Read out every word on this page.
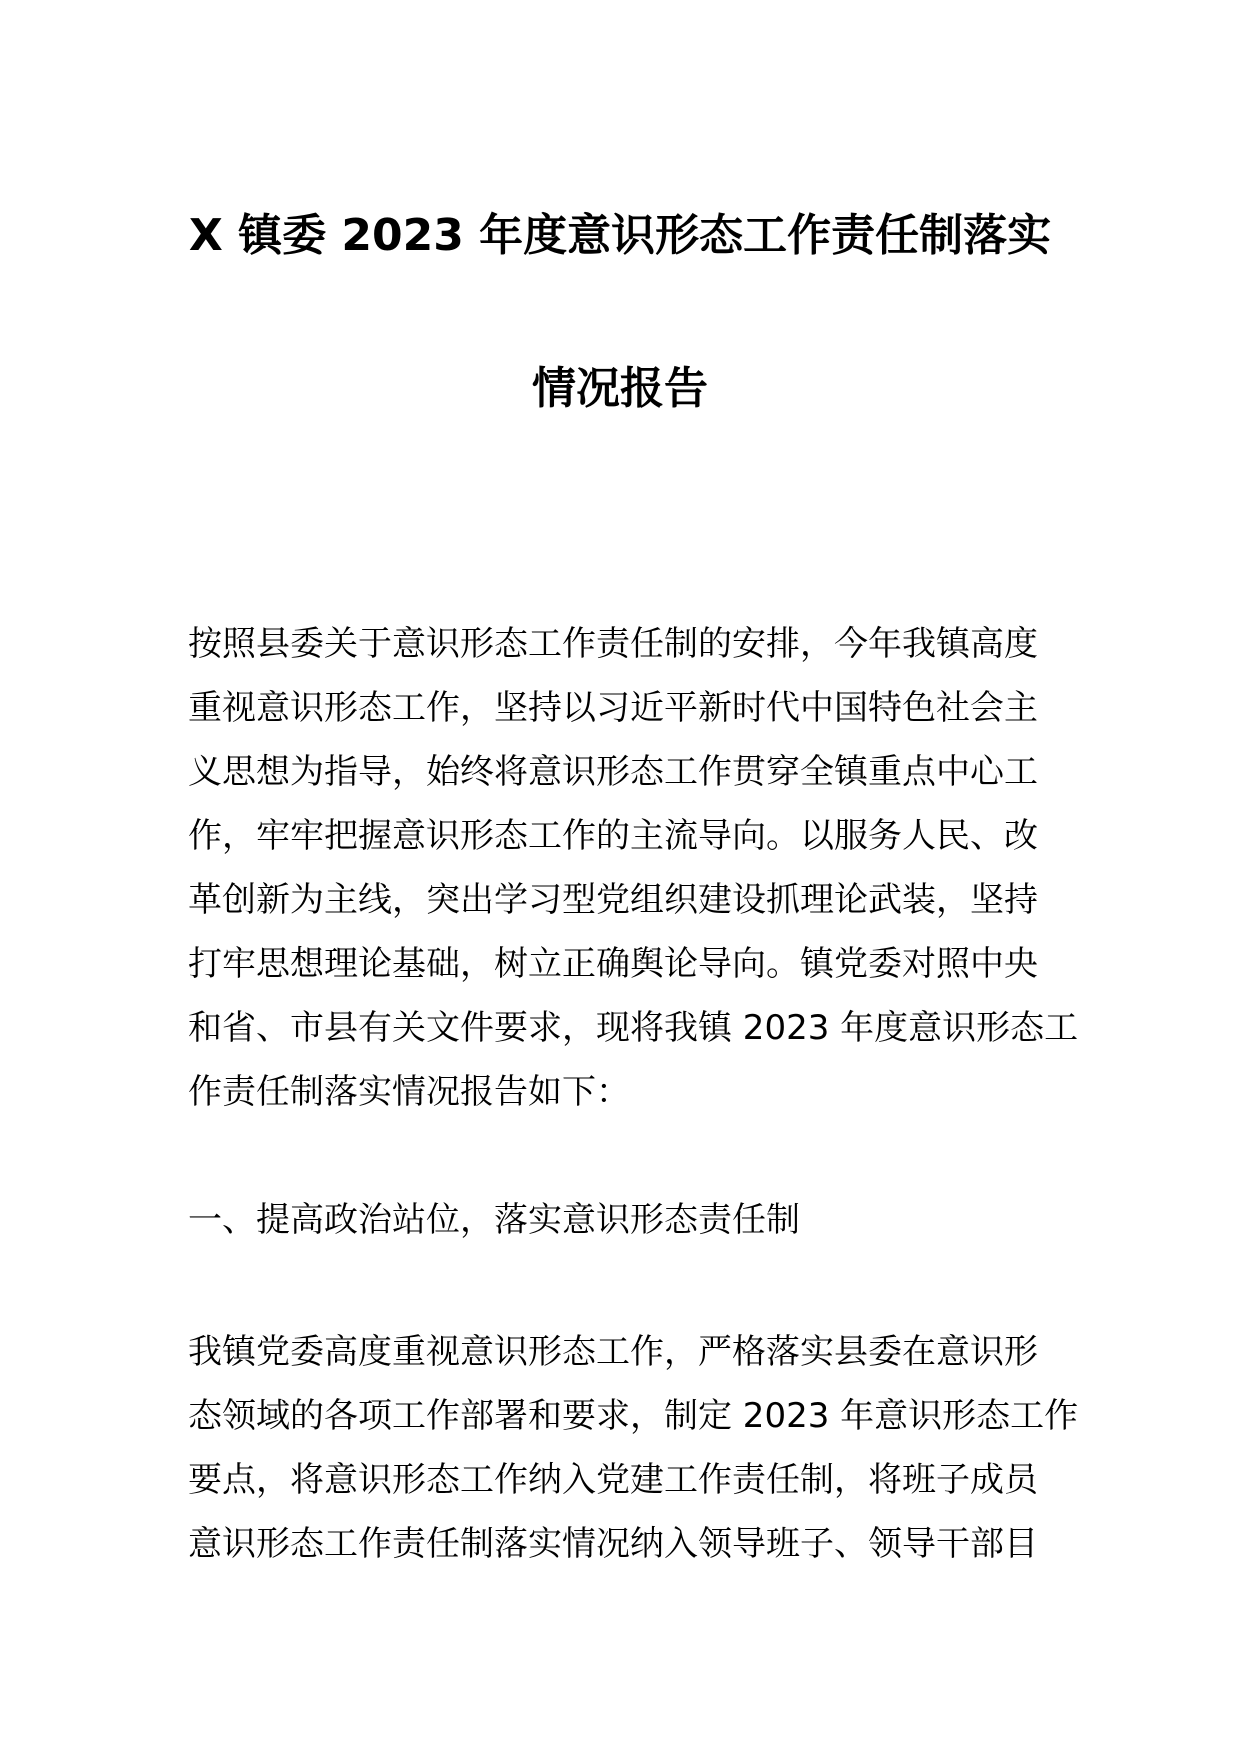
X 镇委 2023 年度意识形态工作责任制落实
情况报告
按照县委关于意识形态工作责任制的安排，今年我镇高度
重视意识形态工作，坚持以习近平新时代中国特色社会主
义思想为指导，始终将意识形态工作贯穿全镇重点中心工
作，牢牢把握意识形态工作的主流导向。以服务人民、改
革创新为主线，突出学习型党组织建设抓理论武装，坚持
打牢思想理论基础，树立正确舆论导向。镇党委对照中央
和省、市县有关文件要求，现将我镇 2023 年度意识形态工
作责任制落实情况报告如下：
一、提高政治站位，落实意识形态责任制
我镇党委高度重视意识形态工作，严格落实县委在意识形
态领域的各项工作部署和要求，制定 2023 年意识形态工作
要点，将意识形态工作纳入党建工作责任制，将班子成员
意识形态工作责任制落实情况纳入领导班子、领导干部目
